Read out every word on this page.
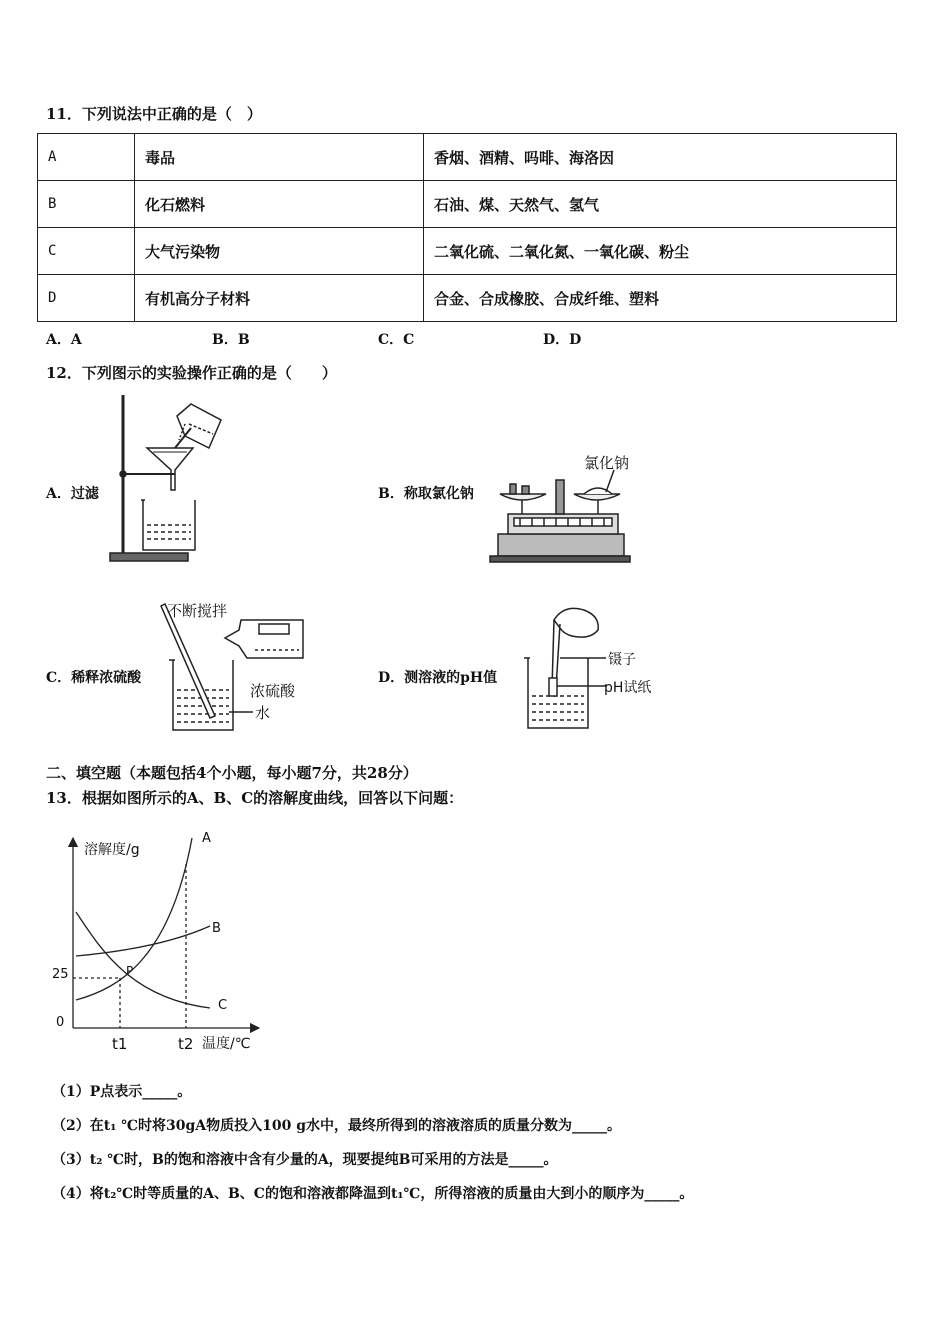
11．下列说法中正确的是（　）
A	毒品	香烟、酒精、吗啡、海洛因
B	化石燃料	石油、煤、天然气、氢气
C	大气污染物	二氧化硫、二氧化氮、一氧化碳、粉尘
D	有机高分子材料	合金、合成橡胶、合成纤维、塑料
A．A	B．B	C．C	D．D
12．下列图示的实验操作正确的是（　　）
A．过滤	B．称取氯化钠
C．稀释浓硫酸	D．测溶液的pH值
氯化钠
不断搅拌
浓硫酸
水
镊子
pH试纸
二、填空题（本题包括4个小题，每小题7分，共28分）
13．根据如图所示的A、B、C的溶解度曲线，回答以下问题：
溶解度/g
温度/℃
25
0
t1	t2
A
B
C
P
（1）P点表示_____。
（2）在t₁ ℃时将30gA物质投入100 g水中，最终所得到的溶液溶质的质量分数为_____。
（3）t₂ ℃时，B的饱和溶液中含有少量的A，现要提纯B可采用的方法是_____。
（4）将t₂℃时等质量的A、B、C的饱和溶液都降温到t₁℃，所得溶液的质量由大到小的顺序为_____。
